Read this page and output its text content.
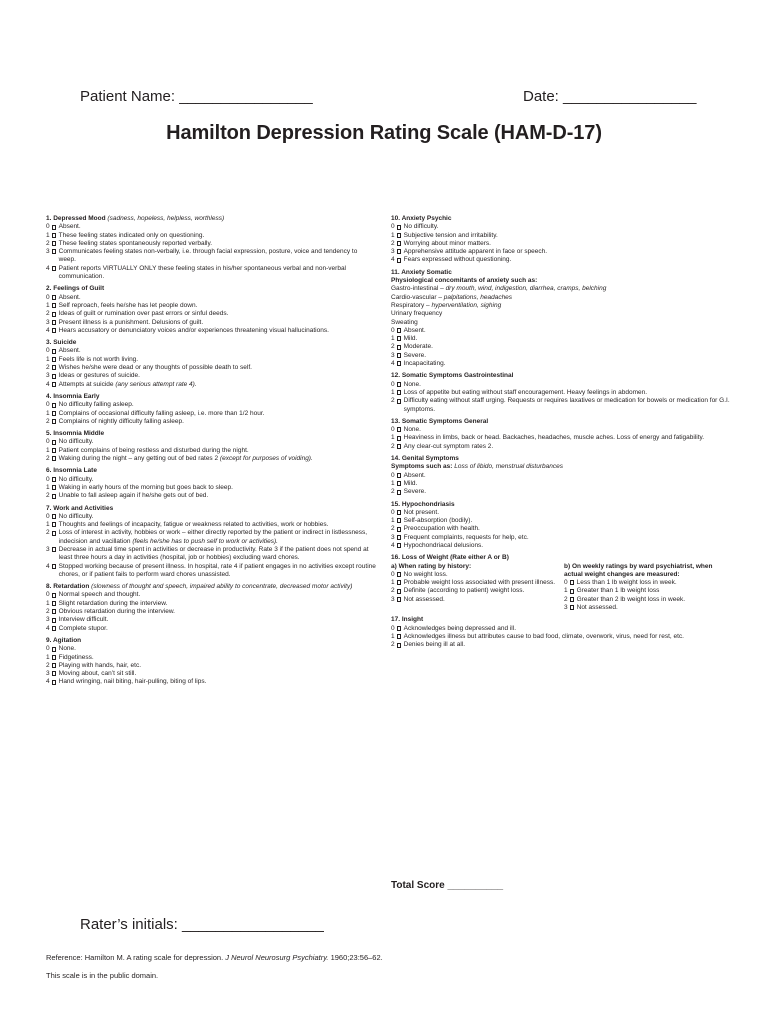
Patient Name: ________________	Date: ________________
Hamilton Depression Rating Scale (HAM-D-17)
1. Depressed Mood (sadness, hopeless, helpless, worthless)
0 Absent.
1 These feeling states indicated only on questioning.
2 These feeling states spontaneously reported verbally.
3 Communicates feeling states non-verbally, i.e. through facial expression, posture, voice and tendency to weep.
4 Patient reports VIRTUALLY ONLY these feeling states in his/her spontaneous verbal and non-verbal communication.
2. Feelings of Guilt
0 Absent.
1 Self reproach, feels he/she has let people down.
2 Ideas of guilt or rumination over past errors or sinful deeds.
3 Present illness is a punishment. Delusions of guilt.
4 Hears accusatory or denunciatory voices and/or experiences threatening visual hallucinations.
3. Suicide
0 Absent.
1 Feels life is not worth living.
2 Wishes he/she were dead or any thoughts of possible death to self.
3 Ideas or gestures of suicide.
4 Attempts at suicide (any serious attempt rate 4).
4. Insomnia Early
0 No difficulty falling asleep.
1 Complains of occasional difficulty falling asleep, i.e. more than 1/2 hour.
2 Complains of nightly difficulty falling asleep.
5. Insomnia Middle
0 No difficulty.
1 Patient complains of being restless and disturbed during the night.
2 Waking during the night – any getting out of bed rates 2 (except for purposes of voiding).
6. Insomnia Late
0 No difficulty.
1 Waking in early hours of the morning but goes back to sleep.
2 Unable to fall asleep again if he/she gets out of bed.
7. Work and Activities
0 No difficulty.
1 Thoughts and feelings of incapacity, fatigue or weakness related to activities, work or hobbies.
2 Loss of interest in activity, hobbies or work – either directly reported by the patient or indirect in listlessness, indecision and vacillation (feels he/she has to push self to work or activities).
3 Decrease in actual time spent in activities or decrease in productivity. Rate 3 if the patient does not spend at least three hours a day in activities (hospital, job or hobbies) excluding ward chores.
4 Stopped working because of present illness. In hospital, rate 4 if patient engages in no activities except routine chores, or if patient fails to perform ward chores unassisted.
8. Retardation (slowness of thought and speech, impaired ability to concentrate, decreased motor activity)
0 Normal speech and thought.
1 Slight retardation during the interview.
2 Obvious retardation during the interview.
3 Interview difficult.
4 Complete stupor.
9. Agitation
0 None.
1 Fidgetiness.
2 Playing with hands, hair, etc.
3 Moving about, can’t sit still.
4 Hand wringing, nail biting, hair-pulling, biting of lips.
10. Anxiety Psychic
0 No difficulty.
1 Subjective tension and irritability.
2 Worrying about minor matters.
3 Apprehensive attitude apparent in face or speech.
4 Fears expressed without questioning.
11. Anxiety Somatic
Physiological concomitants of anxiety such as:
Gastro-intestinal – dry mouth, wind, indigestion, diarrhea, cramps, belching
Cardio-vascular – palpitations, headaches
Respiratory – hyperventilation, sighing
Urinary frequency
Sweating
0 Absent.
1 Mild.
2 Moderate.
3 Severe.
4 Incapacitating.
12. Somatic Symptoms Gastrointestinal
0 None.
1 Loss of appetite but eating without staff encouragement. Heavy feelings in abdomen.
2 Difficulty eating without staff urging. Requests or requires laxatives or medication for bowels or medication for G.I. symptoms.
13. Somatic Symptoms General
0 None.
1 Heaviness in limbs, back or head. Backaches, headaches, muscle aches. Loss of energy and fatigability.
2 Any clear-cut symptom rates 2.
14. Genital Symptoms
Symptoms such as: Loss of libido, menstrual disturbances
0 Absent.
1 Mild.
2 Severe.
15. Hypochondriasis
0 Not present.
1 Self-absorption (bodily).
2 Preoccupation with health.
3 Frequent complaints, requests for help, etc.
4 Hypochondriacal delusions.
16. Loss of Weight (Rate either A or B)
a) When rating by history:
0 No weight loss.
1 Probable weight loss associated with present illness.
2 Definite (according to patient) weight loss.
3 Not assessed.
b) On weekly ratings by ward psychiatrist, when actual weight changes are measured:
0 Less than 1 lb weight loss in week.
1 Greater than 1 lb weight loss
2 Greater than 2 lb weight loss in week.
3 Not assessed.
17. Insight
0 Acknowledges being depressed and ill.
1 Acknowledges illness but attributes cause to bad food, climate, overwork, virus, need for rest, etc.
2 Denies being ill at all.
Total Score __________
Rater’s initials: _________________
Reference: Hamilton M. A rating scale for depression. J Neurol Neurosurg Psychiatry. 1960;23:56–62.
This scale is in the public domain.
